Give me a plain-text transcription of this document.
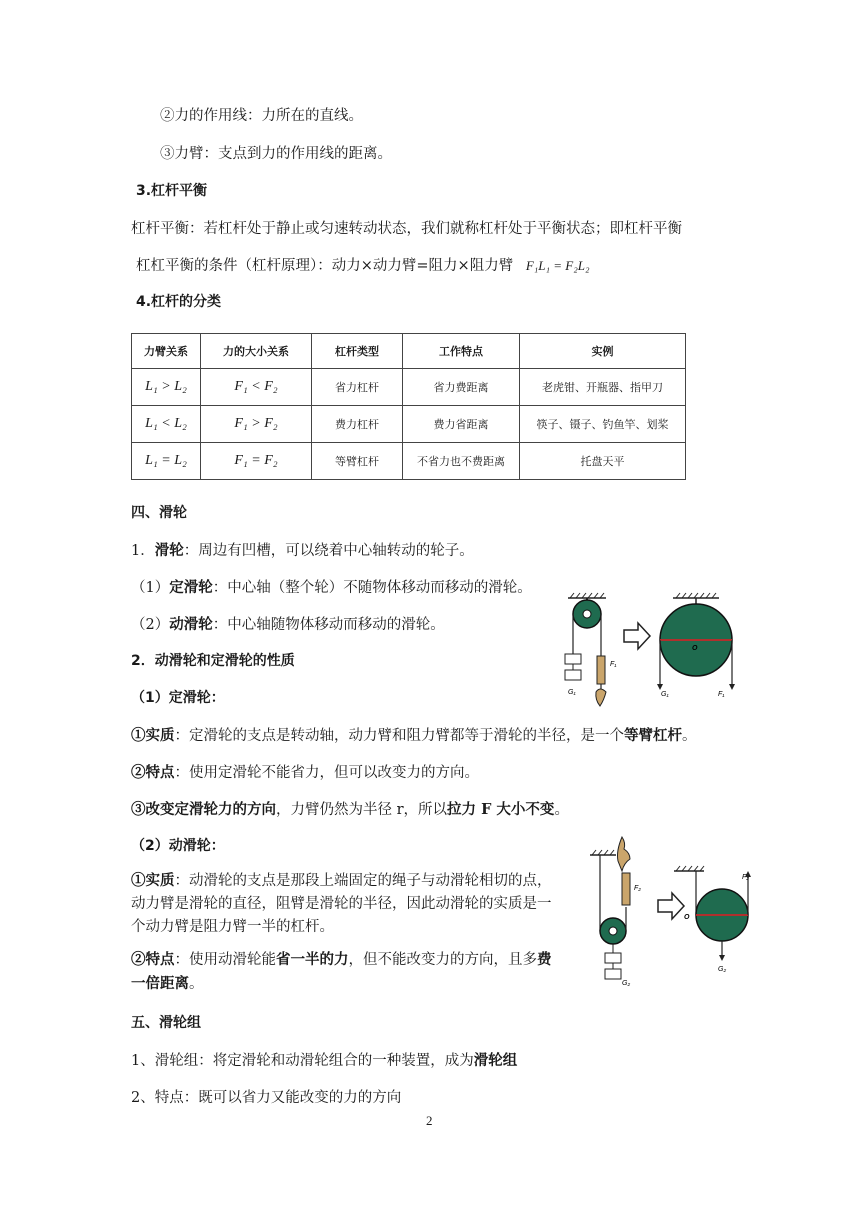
②力的作用线：力所在的直线。
③力臂：支点到力的作用线的距离。
3.杠杆平衡
杠杆平衡：若杠杆处于静止或匀速转动状态，我们就称杠杆处于平衡状态；即杠杆平衡
杠杠平衡的条件（杠杆原理）：动力×动力臂=阻力×阻力臂 F₁L₁ = F₂L₂
4.杠杆的分类
力臂关系	力的大小关系	杠杆类型	工作特点	实例
L₁ > L₂	F₁ < F₂	省力杠杆	省力费距离	老虎钳、开瓶器、指甲刀
L₁ < L₂	F₁ > F₂	费力杠杆	费力省距离	筷子、镊子、钓鱼竿、划桨
L₁ = L₂	F₁ = F₂	等臂杠杆	不省力也不费距离	托盘天平
四、滑轮
1．滑轮：周边有凹槽，可以绕着中心轴转动的轮子。
（1）定滑轮：中心轴（整个轮）不随物体移动而移动的滑轮。
（2）动滑轮：中心轴随物体移动而移动的滑轮。
2．动滑轮和定滑轮的性质
（1）定滑轮：
①实质：定滑轮的支点是转动轴，动力臂和阻力臂都等于滑轮的半径，是一个等臂杠杆。
②特点：使用定滑轮不能省力，但可以改变力的方向。
③改变定滑轮力的方向，力臂仍然为半径 r，所以拉力 F 大小不变。
（2）动滑轮：
①实质：动滑轮的支点是那段上端固定的绳子与动滑轮相切的点，动力臂是滑轮的直径，阻臂是滑轮的半径，因此动滑轮的实质是一个动力臂是阻力臂一半的杠杆。
②特点：使用动滑轮能省一半的力，但不能改变力的方向，且多费一倍距离。
五、滑轮组
1、滑轮组：将定滑轮和动滑轮组合的一种装置，成为滑轮组
2、特点：既可以省力又能改变的力的方向
2
F₁
G₁
O
G₁	F₁
F₂
G₂
O
F₂
G₂
